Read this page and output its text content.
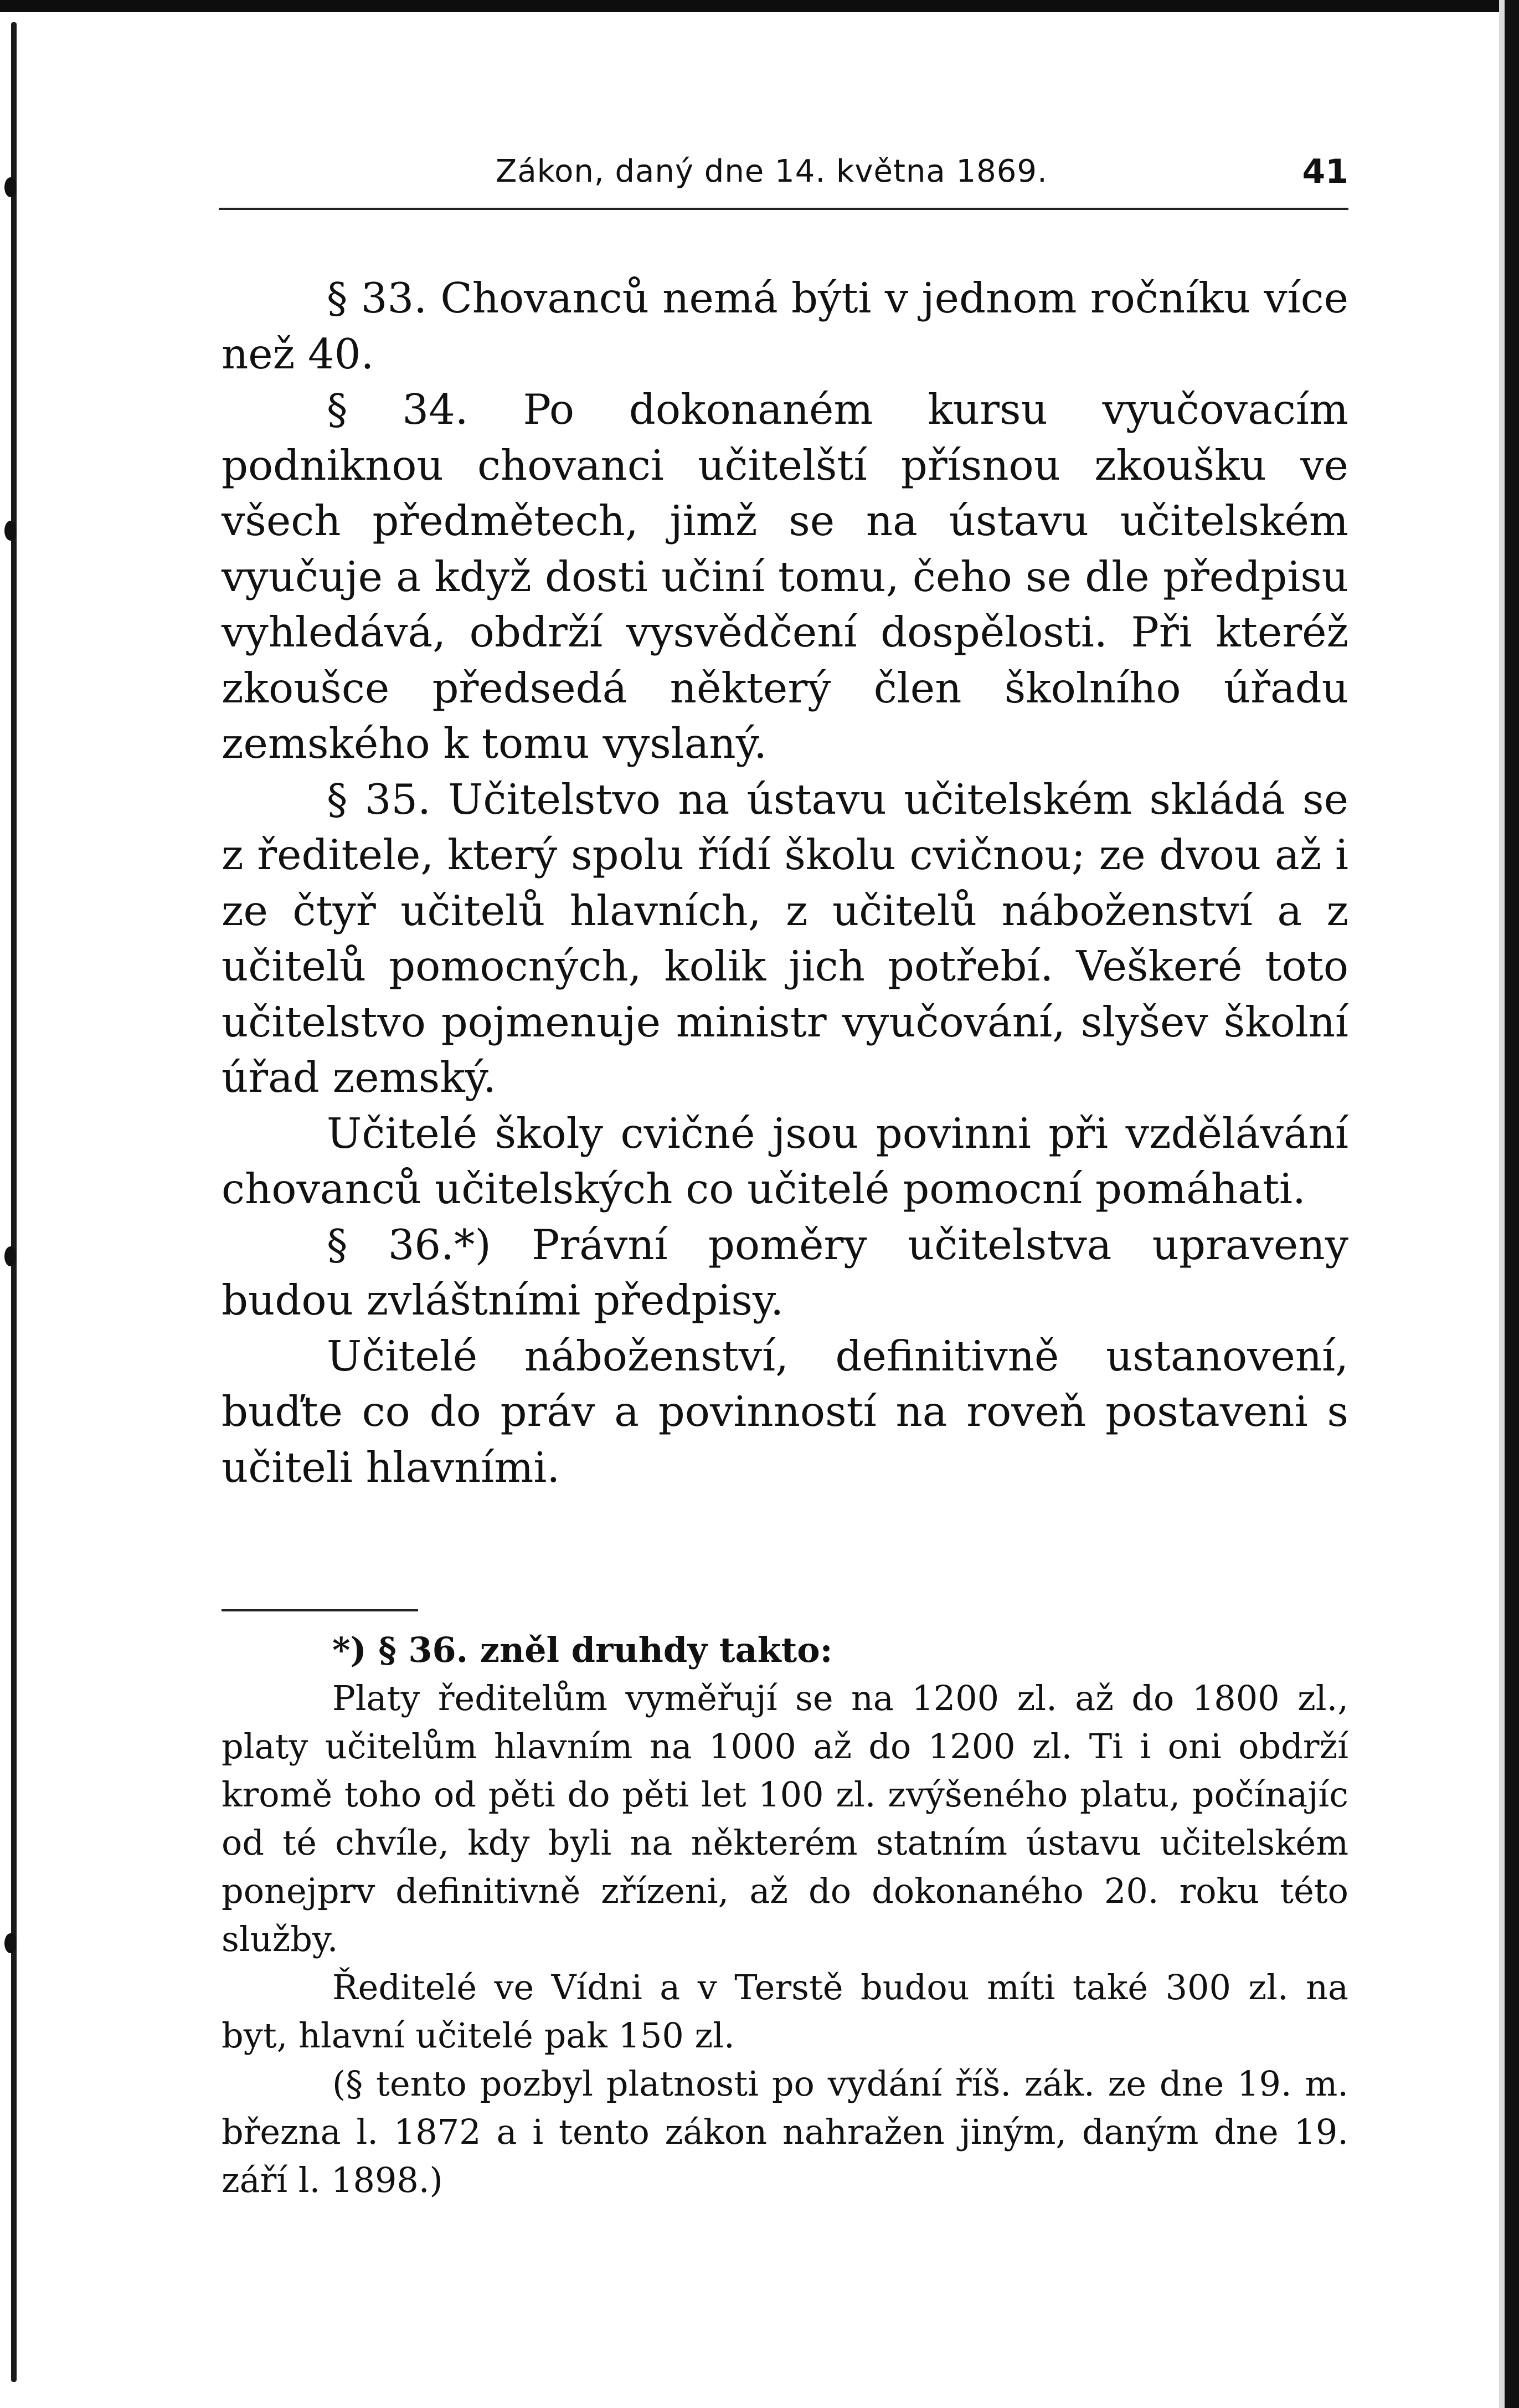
Zákon, daný dne 14. května 1869.	41

§ 33. Chovanců nemá býti v jednom ročníku více než 40.

§ 34. Po dokonaném kursu vyučovacím podniknou chovanci učitelští přísnou zkoušku ve všech předmětech, jimž se na ústavu učitelském vyučuje a když dosti učiní tomu, čeho se dle předpisu vyhledává, obdrží vysvědčení dospělosti. Při kteréž zkoušce předsedá některý člen školního úřadu zemského k tomu vyslaný.

§ 35. Učitelstvo na ústavu učitelském skládá se z ředitele, který spolu řídí školu cvičnou; ze dvou až i ze čtyř učitelů hlavních, z učitelů náboženství a z učitelů pomocných, kolik jich potřebí. Veškeré toto učitelstvo pojmenuje ministr vyučování, slyšev školní úřad zemský.

Učitelé školy cvičné jsou povinni při vzdělávání chovanců učitelských co učitelé pomocní pomáhati.

§ 36.*) Právní poměry učitelstva upraveny budou zvláštními předpisy.

Učitelé náboženství, definitivně ustanovení, buďte co do práv a povinností na roveň postaveni s učiteli hlavními.

*) § 36. zněl druhdy takto:

Platy ředitelům vyměřují se na 1200 zl. až do 1800 zl., platy učitelům hlavním na 1000 až do 1200 zl. Ti i oni obdrží kromě toho od pěti do pěti let 100 zl. zvýšeného platu, počínajíc od té chvíle, kdy byli na některém statním ústavu učitelském ponejprv definitivně zřízeni, až do dokonaného 20. roku této služby.

Ředitelé ve Vídni a v Terstě budou míti také 300 zl. na byt, hlavní učitelé pak 150 zl.

(§ tento pozbyl platnosti po vydání říš. zák. ze dne 19. m. března l. 1872 a i tento zákon nahražen jiným, daným dne 19. září l. 1898.)
